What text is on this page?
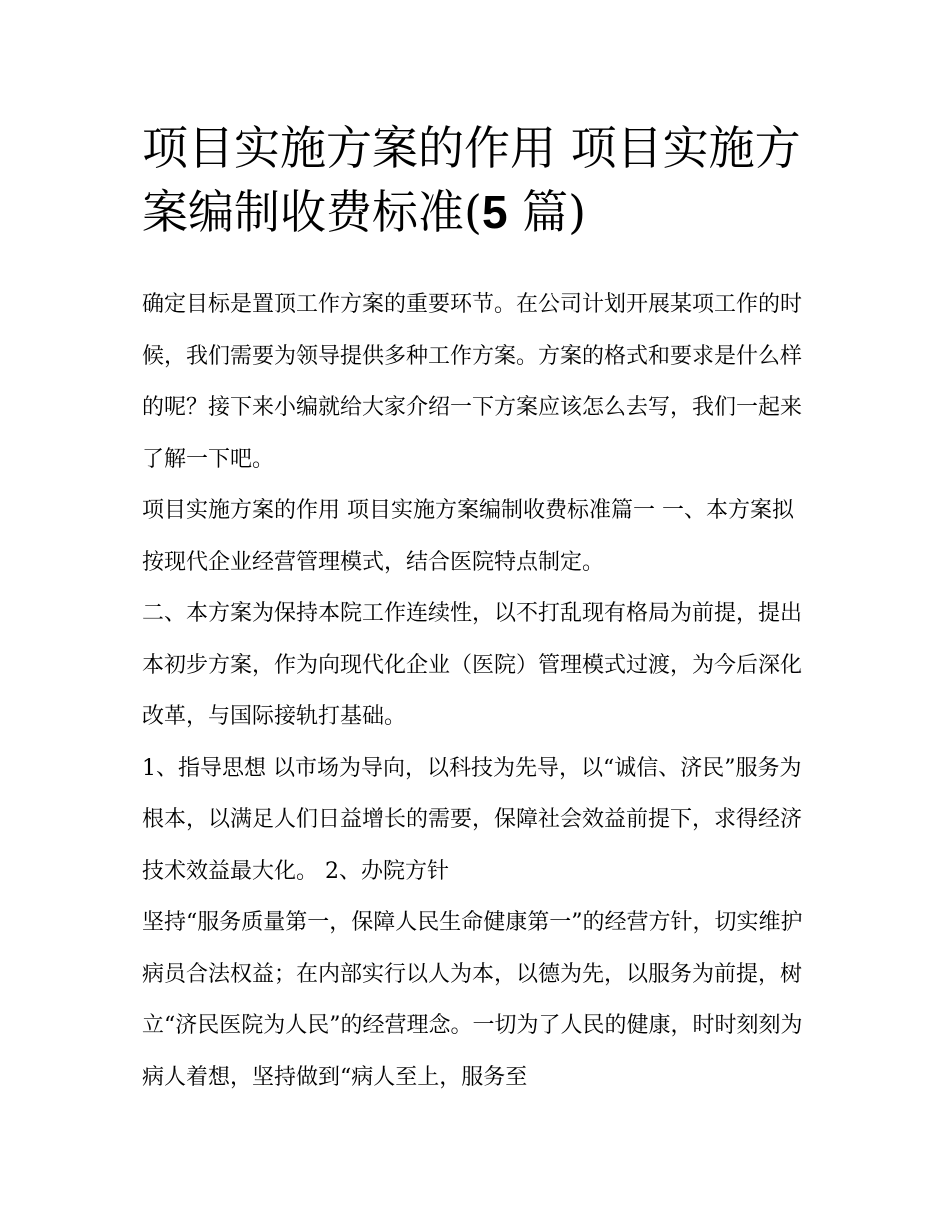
项目实施方案的作用 项目实施方案编制收费标准(5 篇)

确定目标是置顶工作方案的重要环节。在公司计划开展某项工作的时候，我们需要为领导提供多种工作方案。方案的格式和要求是什么样的呢？接下来小编就给大家介绍一下方案应该怎么去写，我们一起来了解一下吧。

项目实施方案的作用 项目实施方案编制收费标准篇一 一、本方案拟按现代企业经营管理模式，结合医院特点制定。

二、本方案为保持本院工作连续性，以不打乱现有格局为前提，提出本初步方案，作为向现代化企业（医院）管理模式过渡，为今后深化改革，与国际接轨打基础。

1、指导思想 以市场为导向，以科技为先导，以“诚信、济民”服务为根本，以满足人们日益增长的需要，保障社会效益前提下，求得经济技术效益最大化。 2、办院方针

坚持“服务质量第一，保障人民生命健康第一”的经营方针，切实维护病员合法权益；在内部实行以人为本，以德为先，以服务为前提，树立“济民医院为人民”的经营理念。一切为了人民的健康，时时刻刻为病人着想，坚持做到“病人至上，服务至
